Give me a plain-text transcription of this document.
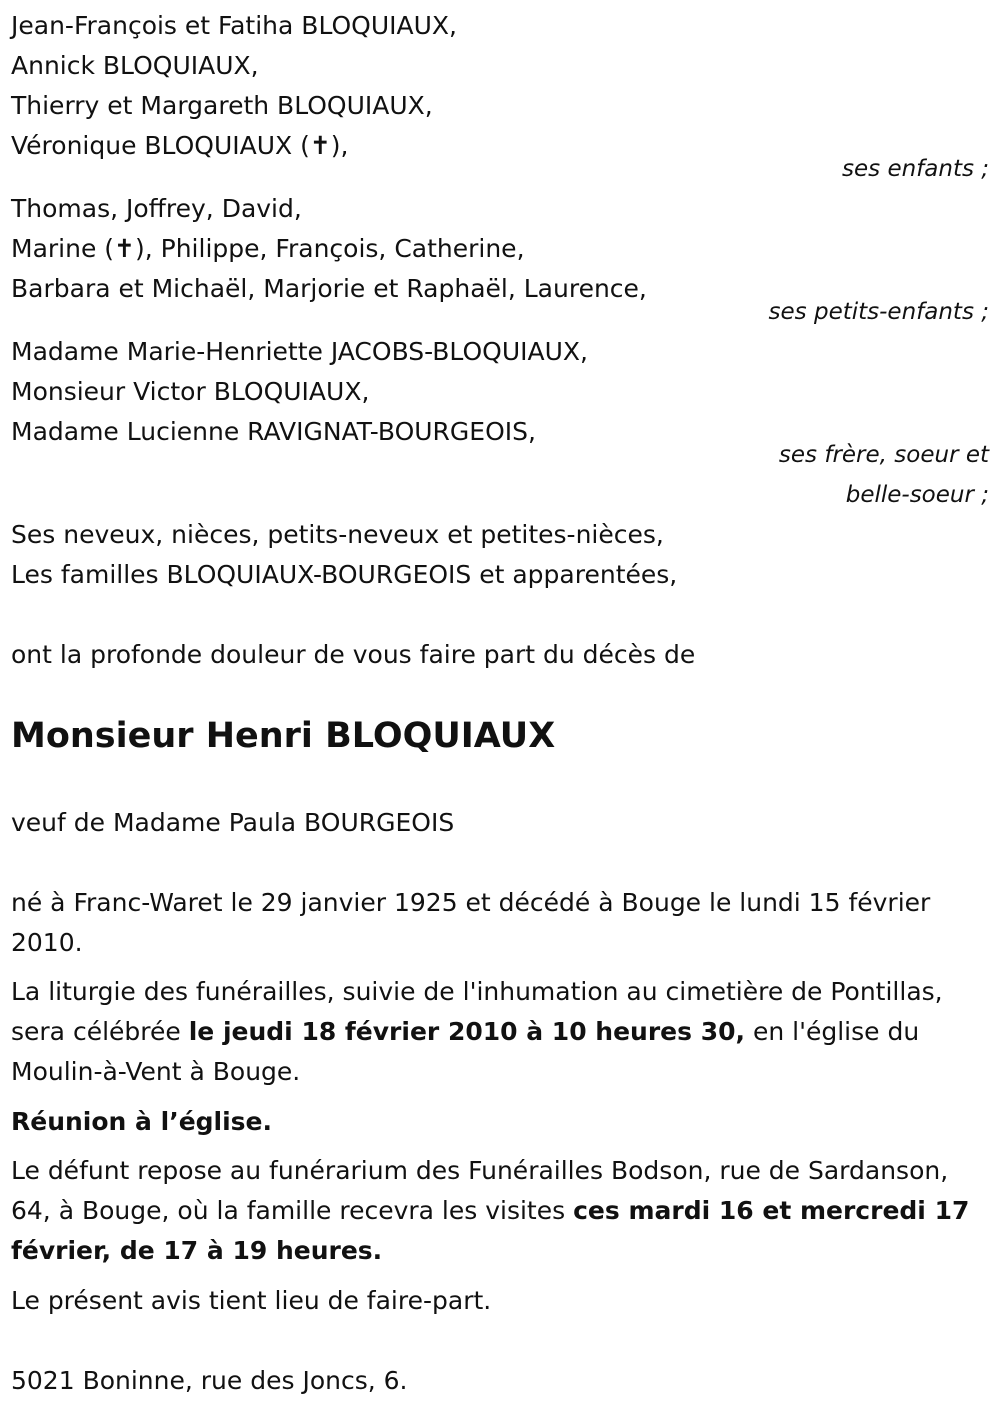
Jean-François et Fatiha BLOQUIAUX,
Annick BLOQUIAUX,
Thierry et Margareth BLOQUIAUX,
Véronique BLOQUIAUX (✝),
ses enfants ;
Thomas, Joffrey, David,
Marine (✝), Philippe, François, Catherine,
Barbara et Michaël, Marjorie et Raphaël, Laurence,
ses petits-enfants ;
Madame Marie-Henriette JACOBS-BLOQUIAUX,
Monsieur Victor BLOQUIAUX,
Madame Lucienne RAVIGNAT-BOURGEOIS,
ses frère, soeur et
belle-soeur ;
Ses neveux, nièces, petits-neveux et petites-nièces,
Les familles BLOQUIAUX-BOURGEOIS et apparentées,
ont la profonde douleur de vous faire part du décès de
Monsieur Henri BLOQUIAUX
veuf de Madame Paula BOURGEOIS
né à Franc-Waret le 29 janvier 1925 et décédé à Bouge le lundi 15 février 2010.
La liturgie des funérailles, suivie de l'inhumation au cimetière de Pontillas, sera célébrée le jeudi 18 février 2010 à 10 heures 30, en l'église du Moulin-à-Vent à Bouge.
Réunion à l’église.
Le défunt repose au funérarium des Funérailles Bodson, rue de Sardanson, 64, à Bouge, où la famille recevra les visites ces mardi 16 et mercredi 17 février, de 17 à 19 heures.
Le présent avis tient lieu de faire-part.
5021 Boninne, rue des Joncs, 6.
